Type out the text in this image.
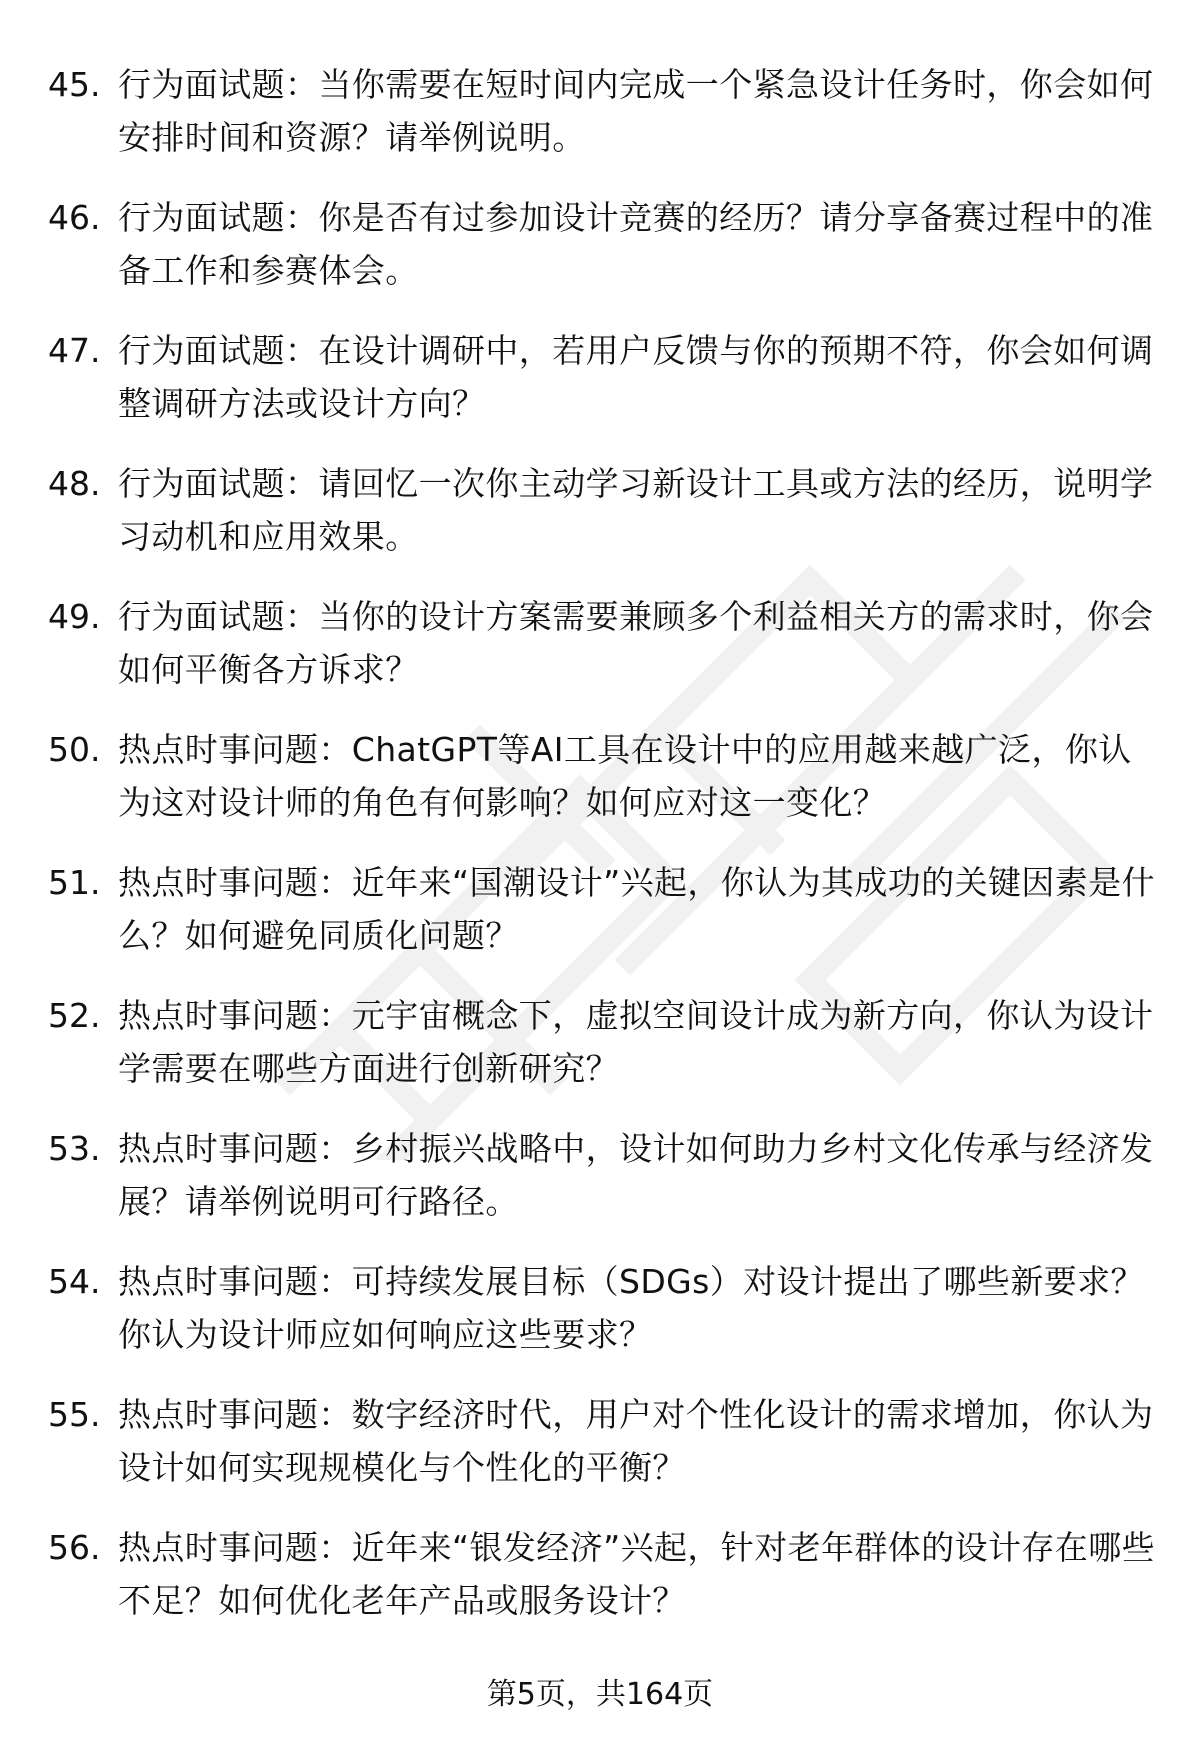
45. 行为面试题：当你需要在短时间内完成一个紧急设计任务时，你会如何安排时间和资源？请举例说明。
46. 行为面试题：你是否有过参加设计竞赛的经历？请分享备赛过程中的准备工作和参赛体会。
47. 行为面试题：在设计调研中，若用户反馈与你的预期不符，你会如何调整调研方法或设计方向？
48. 行为面试题：请回忆一次你主动学习新设计工具或方法的经历，说明学习动机和应用效果。
49. 行为面试题：当你的设计方案需要兼顾多个利益相关方的需求时，你会如何平衡各方诉求？
50. 热点时事问题：ChatGPT等AI工具在设计中的应用越来越广泛，你认为这对设计师的角色有何影响？如何应对这一变化？
51. 热点时事问题：近年来“国潮设计”兴起，你认为其成功的关键因素是什么？如何避免同质化问题？
52. 热点时事问题：元宇宙概念下，虚拟空间设计成为新方向，你认为设计学需要在哪些方面进行创新研究？
53. 热点时事问题：乡村振兴战略中，设计如何助力乡村文化传承与经济发展？请举例说明可行路径。
54. 热点时事问题：可持续发展目标（SDGs）对设计提出了哪些新要求？你认为设计师应如何响应这些要求？
55. 热点时事问题：数字经济时代，用户对个性化设计的需求增加，你认为设计如何实现规模化与个性化的平衡？
56. 热点时事问题：近年来“银发经济”兴起，针对老年群体的设计存在哪些不足？如何优化老年产品或服务设计？
第5页，共164页
